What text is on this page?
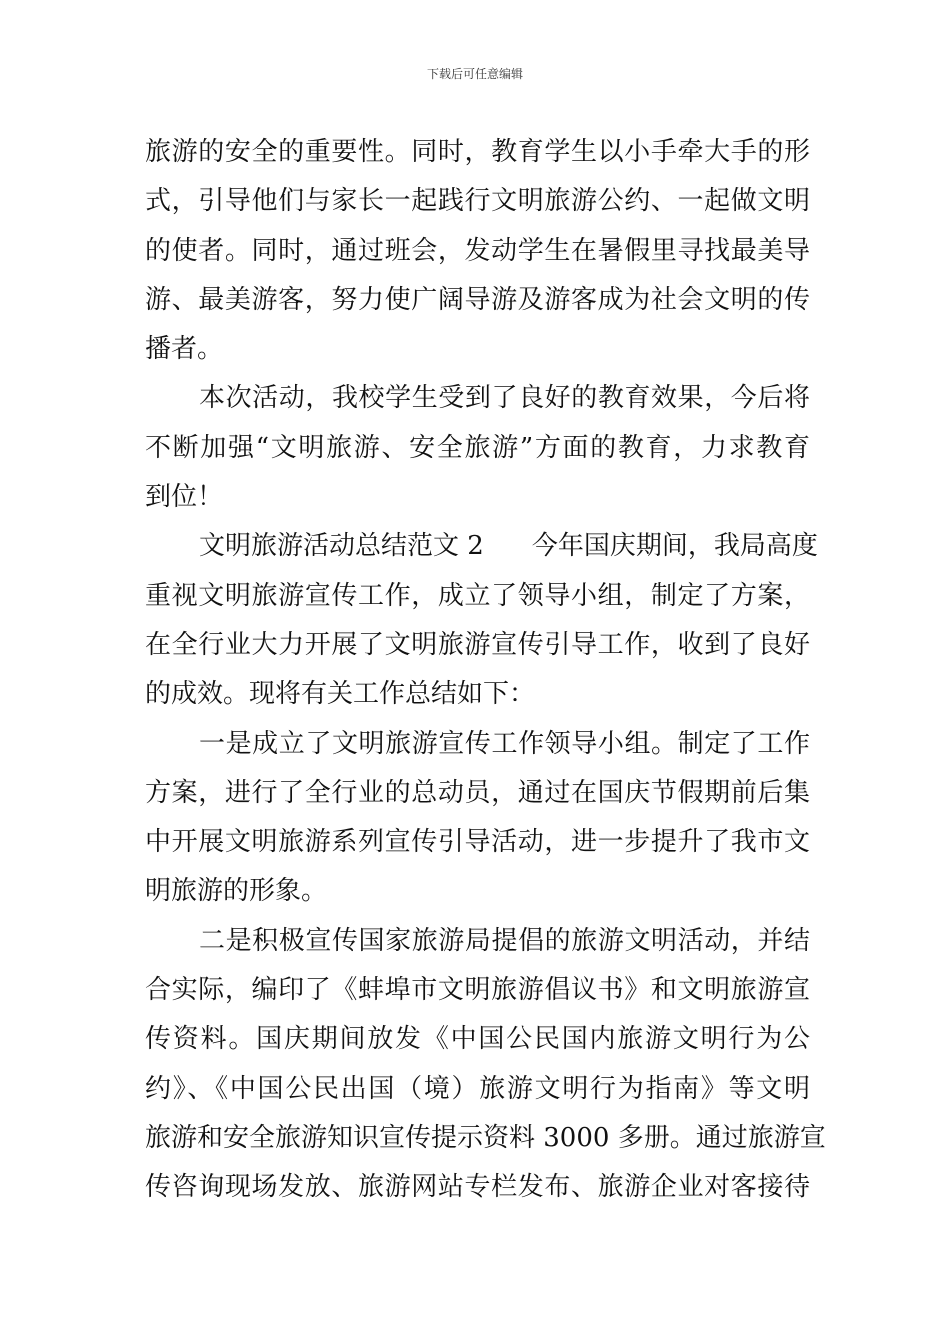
下载后可任意编辑
旅游的安全的重要性。同时，教育学生以小手牵大手的形
式，引导他们与家长一起践行文明旅游公约、一起做文明
的使者。同时，通过班会，发动学生在暑假里寻找最美导
游、最美游客，努力使广阔导游及游客成为社会文明的传
播者。
本次活动，我校学生受到了良好的教育效果，今后将
不断加强“文明旅游、安全旅游”方面的教育，力求教育
到位！
文明旅游活动总结范文 2 今年国庆期间，我局高度
重视文明旅游宣传工作，成立了领导小组，制定了方案，
在全行业大力开展了文明旅游宣传引导工作，收到了良好
的成效。现将有关工作总结如下：
一是成立了文明旅游宣传工作领导小组。制定了工作
方案，进行了全行业的总动员，通过在国庆节假期前后集
中开展文明旅游系列宣传引导活动，进一步提升了我市文
明旅游的形象。
二是积极宣传国家旅游局提倡的旅游文明活动，并结
合实际，编印了《蚌埠市文明旅游倡议书》和文明旅游宣
传资料。国庆期间放发《中国公民国内旅游文明行为公
约》、《中国公民出国（境）旅游文明行为指南》等文明
旅游和安全旅游知识宣传提示资料 3000 多册。通过旅游宣
传咨询现场发放、旅游网站专栏发布、旅游企业对客接待
